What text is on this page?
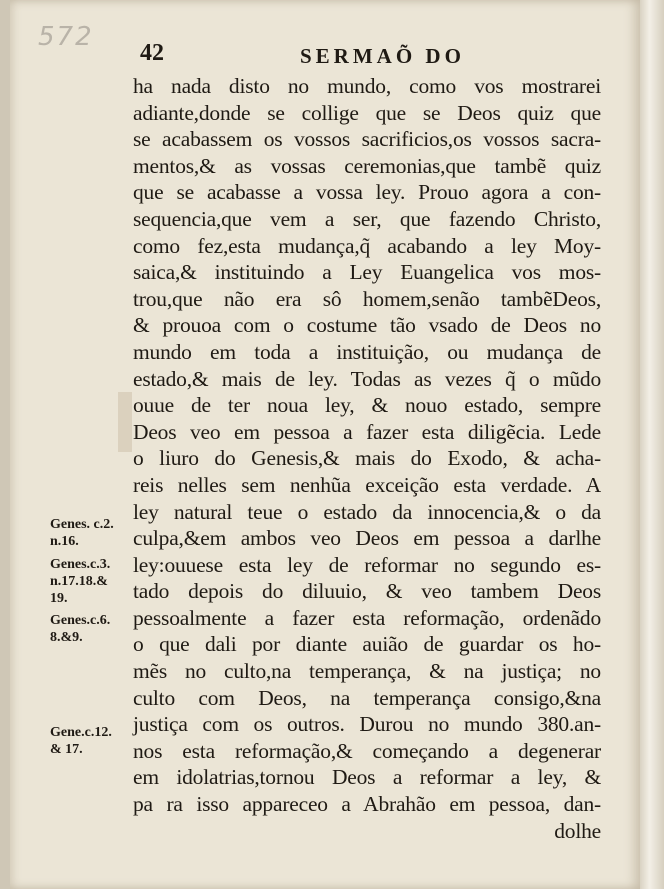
572
42	SERMAÕ DO
ha nada disto no mundo, como vos mostrarei
adiante,donde se collige que se Deos quiz que
se acabassem os vossos sacrificios,os vossos sacra-
mentos,& as vossas ceremonias,que tambẽ quiz
que se acabasse a vossa ley. Prouo agora a con-
sequencia,que vem a ser, que fazendo Christo,
como fez,esta mudança,q̃ acabando a ley Moy-
saica,& instituindo a Ley Euangelica vos mos-
trou,que não era sô homem,senão tambẽDeos,
& prouoa com o costume tão vsado de Deos no
mundo em toda a instituição, ou mudança de
estado,& mais de ley. Todas as vezes q̃ o mũdo
ouue de ter noua ley, & nouo estado, sempre
Deos veo em pessoa a fazer esta diligẽcia. Lede
o liuro do Genesis,& mais do Exodo, & acha-
reis nelles sem nenhũa exceição esta verdade. A
ley natural teue o estado da innocencia,& o da
culpa,&em ambos veo Deos em pessoa a darlhe
ley:ouuese esta ley de reformar no segundo es-
tado depois do diluuio, & veo tambem Deos
pessoalmente a fazer esta reformação, ordenãdo
o que dali por diante auião de guardar os ho-
mẽs no culto,na temperança, & na justiça; no
culto com Deos, na temperança consigo,&na
justiça com os outros. Durou no mundo 380.an-
nos esta reformação,& começando a degenerar
em idolatrias,tornou Deos a reformar a ley, &
pa ra isso appareceo a Abrahão em pessoa, dan-
dolhe
Genes. c.2.
n.16.
Genes.c.3.
n.17.18.&
19.
Genes.c.6.
8.&9.
Gene.c.12.
& 17.
